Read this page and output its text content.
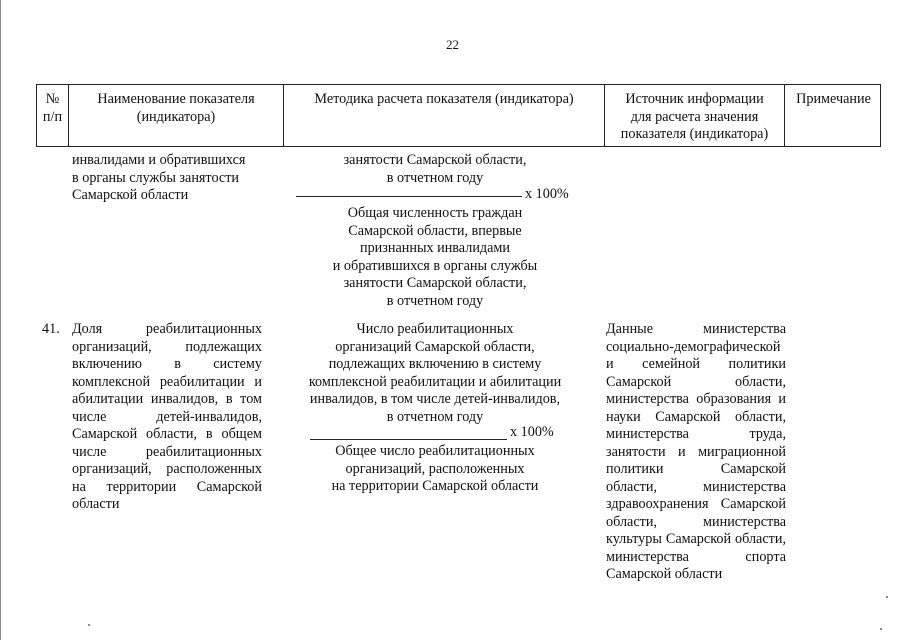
22
№
п/п
Наименование показателя
(индикатора)
Методика расчета показателя (индикатора)	Источник информации
для расчета значения
показателя (индикатора)
Примечание
инвалидами и обратившихся
в органы службы занятости
Самарской области
занятости Самарской области,
в отчетном году
х 100%
Общая численность граждан
Самарской области, впервые
признанных инвалидами
и обратившихся в органы службы
занятости Самарской области,
в отчетном году
41. Доля реабилитационных организаций, подлежащих включению в систему комплексной реабилитации и абилитации инвалидов, в том числе детей-инвалидов, Самарской области, в общем числе реабилитационных организаций, расположенных на территории Самарской области
Число реабилитационных
организаций Самарской области,
подлежащих включению в систему
комплексной реабилитации и абилитации
инвалидов, в том числе детей-инвалидов,
в отчетном году
х 100%
Общее число реабилитационных
организаций, расположенных
на территории Самарской области
Данные министерства социально-демографической и семейной политики Самарской области, министерства образования и науки Самарской области, министерства труда, занятости и миграционной политики Самарской области, министерства здравоохранения Самарской области, министерства культуры Самарской области, министерства спорта Самарской области
